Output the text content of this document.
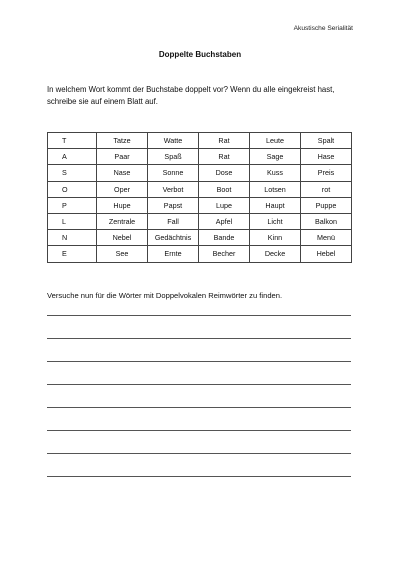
Akustische Serialität
Doppelte Buchstaben
In welchem Wort kommt der Buchstabe doppelt vor? Wenn du alle eingekreist hast, schreibe sie auf einem Blatt auf.
T	Tatze	Watte	Rat	Leute	Spalt
A	Paar	Spaß	Rat	Sage	Hase
S	Nase	Sonne	Dose	Kuss	Preis
O	Oper	Verbot	Boot	Lotsen	rot
P	Hupe	Papst	Lupe	Haupt	Puppe
L	Zentrale	Fall	Apfel	Licht	Balkon
N	Nebel	Gedächtnis	Bande	Kinn	Menü
E	See	Ernte	Becher	Decke	Hebel
Versuche nun für die Wörter mit Doppelvokalen Reimwörter zu finden.
